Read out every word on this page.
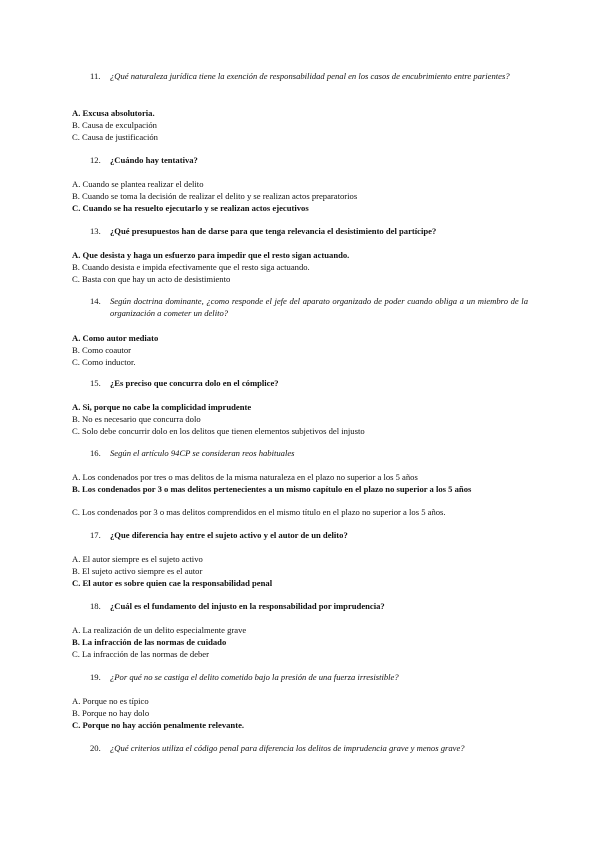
11.	¿Qué naturaleza jurídica tiene la exención de responsabilidad penal en los casos de encubrimiento entre parientes?
A. Excusa absolutoria.
B. Causa de exculpación
C. Causa de justificación
12.	¿Cuándo hay tentativa?
A. Cuando se plantea realizar el delito
B. Cuando se toma la decisión de realizar el delito y se realizan actos preparatorios
C. Cuando se ha resuelto ejecutarlo y se realizan actos ejecutivos
13.	¿Qué presupuestos han de darse para que tenga relevancia el desistimiento del partícipe?
A. Que desista y haga un esfuerzo para impedir que el resto sigan actuando.
B. Cuando desista e impida efectivamente que el resto siga actuando.
C. Basta con que hay un acto de desistimiento
14.	Según doctrina dominante, ¿como responde el jefe del aparato organizado de poder cuando obliga a un miembro de la organización a cometer un delito?
A. Como autor mediato
B. Como coautor
C. Como inductor.
15.	¿Es preciso que concurra dolo en el cómplice?
A. Si, porque no cabe la complicidad imprudente
B. No es necesario que concurra dolo
C. Solo debe concurrir dolo en los delitos que tienen elementos subjetivos del injusto
16.	Según el artículo 94CP se consideran reos habituales
A. Los condenados por tres o mas delitos de la misma naturaleza en el plazo no superior a los 5 años
B. Los condenados por 3 o mas delitos pertenecientes a un mismo capítulo en el plazo no superior a los 5 años
C. Los condenados por 3 o mas delitos comprendidos en el mismo título en el plazo no superior a los 5 años.
17.	¿Que diferencia hay entre el sujeto activo y el autor de un delito?
A. El autor siempre es el sujeto activo
B. El sujeto activo siempre es el autor
C. El autor es sobre quien cae la responsabilidad penal
18.	¿Cuál es el fundamento del injusto en la responsabilidad por imprudencia?
A. La realización de un delito especialmente grave
B. La infracción de las normas de cuidado
C. La infracción de las normas de deber
19.	¿Por qué no se castiga el delito cometido bajo la presión de una fuerza irresistible?
A. Porque no es típico
B. Porque no hay dolo
C. Porque no hay acción penalmente relevante.
20.	¿Qué criterios utiliza el código penal para diferencia los delitos de imprudencia grave y menos grave?
